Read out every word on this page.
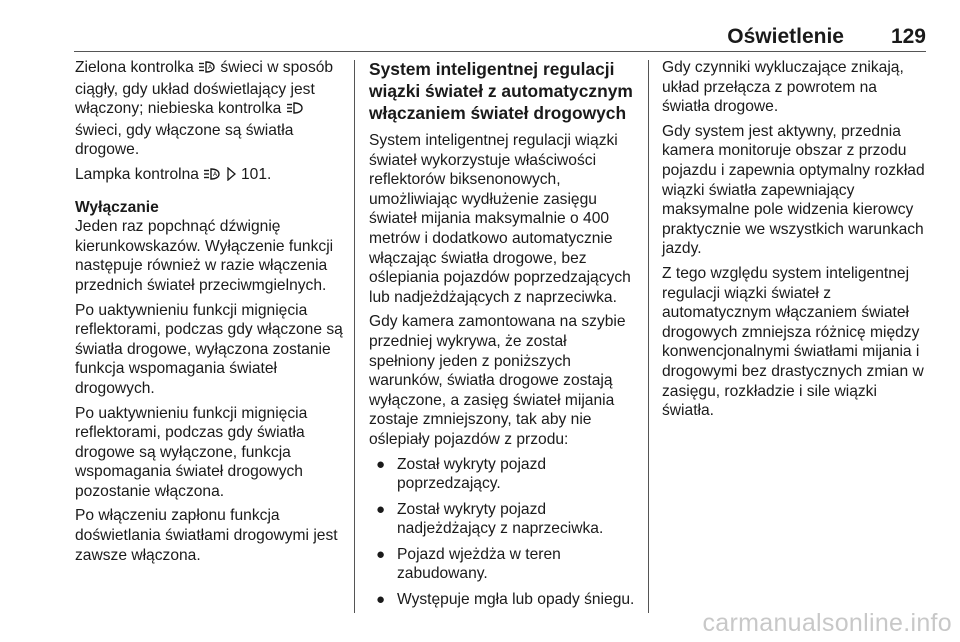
Oświetlenie 129

Zielona kontrolka A świeci w sposób ciągły, gdy układ doświetlający jest włączony; niebieska kontrolka  świeci, gdy włączone są światła drogowe.

Lampka kontrolna A 101.

Wyłączanie

Jeden raz popchnąć dźwignię kierunkowskazów. Wyłączenie funkcji następuje również w razie włączenia przednich świateł przeciwmgielnych.

Po uaktywnieniu funkcji mignięcia reflektorami, podczas gdy włączone są światła drogowe, wyłączona zostanie funkcja wspomagania świateł drogowych.

Po uaktywnieniu funkcji mignięcia reflektorami, podczas gdy światła drogowe są wyłączone, funkcja wspomagania świateł drogowych pozostanie włączona.

Po włączeniu zapłonu funkcja doświetlania światłami drogowymi jest zawsze włączona.

System inteligentnej regulacji wiązki świateł z automatycznym włączaniem świateł drogowych

System inteligentnej regulacji wiązki świateł wykorzystuje właściwości reflektorów biksenonowych, umożliwiając wydłużenie zasięgu świateł mijania maksymalnie o 400 metrów i dodatkowo automatycznie włączając światła drogowe, bez oślepiania pojazdów poprzedzających lub nadjeżdżających z naprzeciwka.

Gdy kamera zamontowana na szybie przedniej wykrywa, że został spełniony jeden z poniższych warunków, światła drogowe zostają wyłączone, a zasięg świateł mijania zostaje zmniejszony, tak aby nie oślepiały pojazdów z przodu:

● Został wykryty pojazd poprzedzający.
● Został wykryty pojazd nadjeżdżający z naprzeciwka.
● Pojazd wjeżdża w teren zabudowany.
● Występuje mgła lub opady śniegu.

Gdy czynniki wykluczające znikają, układ przełącza z powrotem na światła drogowe.

Gdy system jest aktywny, przednia kamera monitoruje obszar z przodu pojazdu i zapewnia optymalny rozkład wiązki światła zapewniający maksymalne pole widzenia kierowcy praktycznie we wszystkich warunkach jazdy.

Z tego względu system inteligentnej regulacji wiązki świateł z automatycznym włączaniem świateł drogowych zmniejsza różnicę między konwencjonalnymi światłami mijania i drogowymi bez drastycznych zmian w zasięgu, rozkładzie i sile wiązki światła.

carmanualsonline.info
